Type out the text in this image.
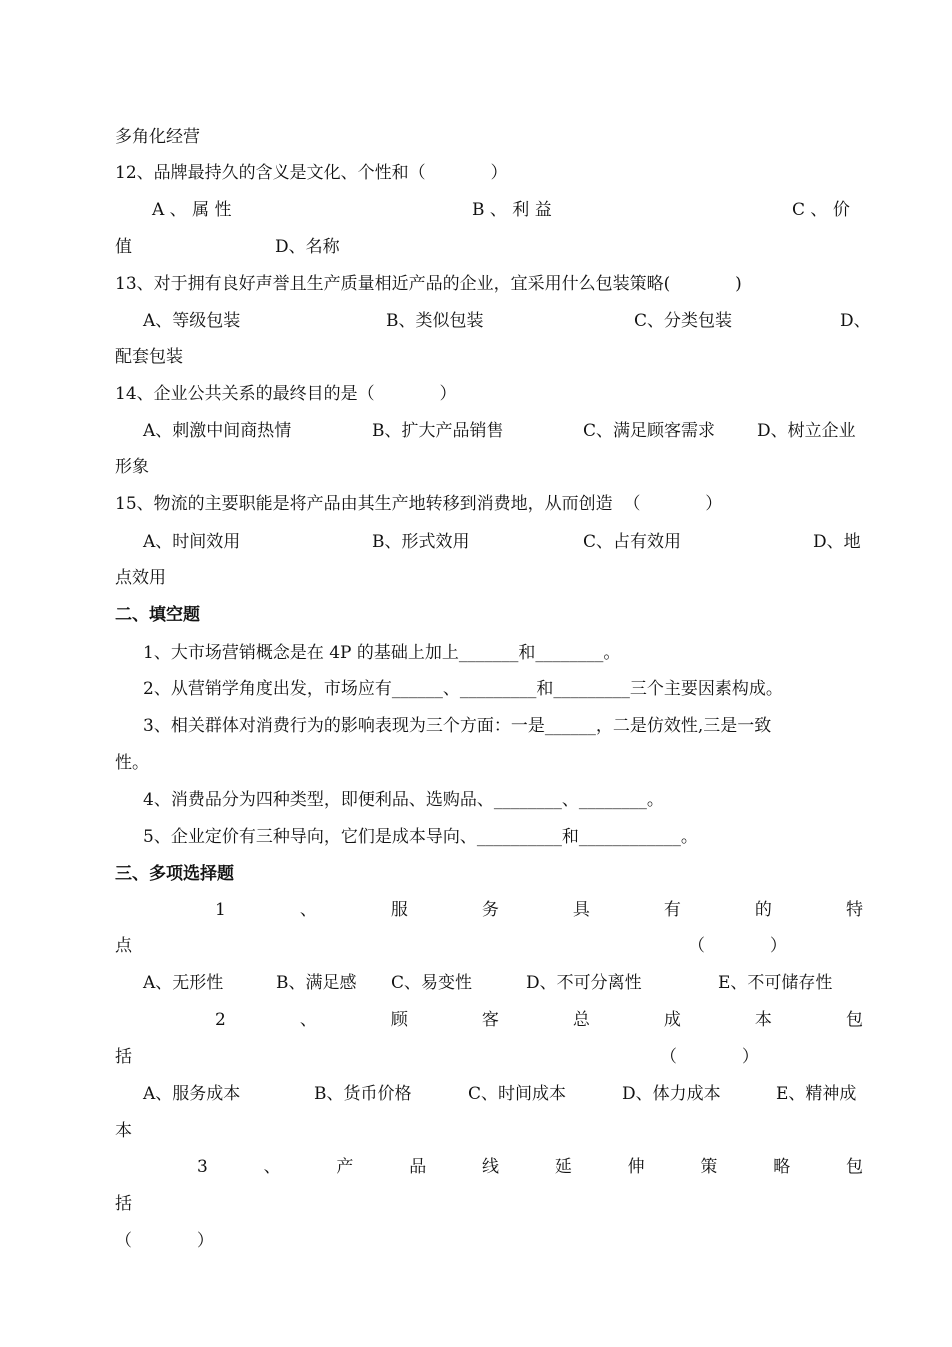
多角化经营
12、品牌最持久的含义是文化、个性和（            ）
A 、 属 性	B 、 利 益	C 、 价
值	D、名称
13、对于拥有良好声誉且生产质量相近产品的企业，宜采用什么包装策略(            )
A、等级包装	B、类似包装	C、分类包装	D、
配套包装
14、企业公共关系的最终目的是（            ）
A、刺激中间商热情	B、扩大产品销售	C、满足顾客需求 D、树立企业
形象
15、物流的主要职能是将产品由其生产地转移到消费地，从而创造  （            ）
A、时间效用	B、形式效用	C、占有效用	D、地
点效用
二、填空题
1、大市场营销概念是在 4P 的基础上加上_______和________。
2、从营销学角度出发，市场应有______、_________和_________三个主要因素构成。
3、相关群体对消费行为的影响表现为三个方面：一是______，二是仿效性,三是一致
性。
4、消费品分为四种类型，即便利品、选购品、________、________。
5、企业定价有三种导向，它们是成本导向、__________和____________。
三、多项选择题
1	、	服	务	具	有	的	特
点	（            ）
A、无形性	B、满足感 C、易变性	D、不可分离性	E、不可储存性
2	、	顾	客	总	成	本	包
括	（            ）
A、服务成本	B、货币价格	C、时间成本	D、体力成本	E、精神成
本
3	、	产	品	线	延	伸	策	略	包
括
（            ）
